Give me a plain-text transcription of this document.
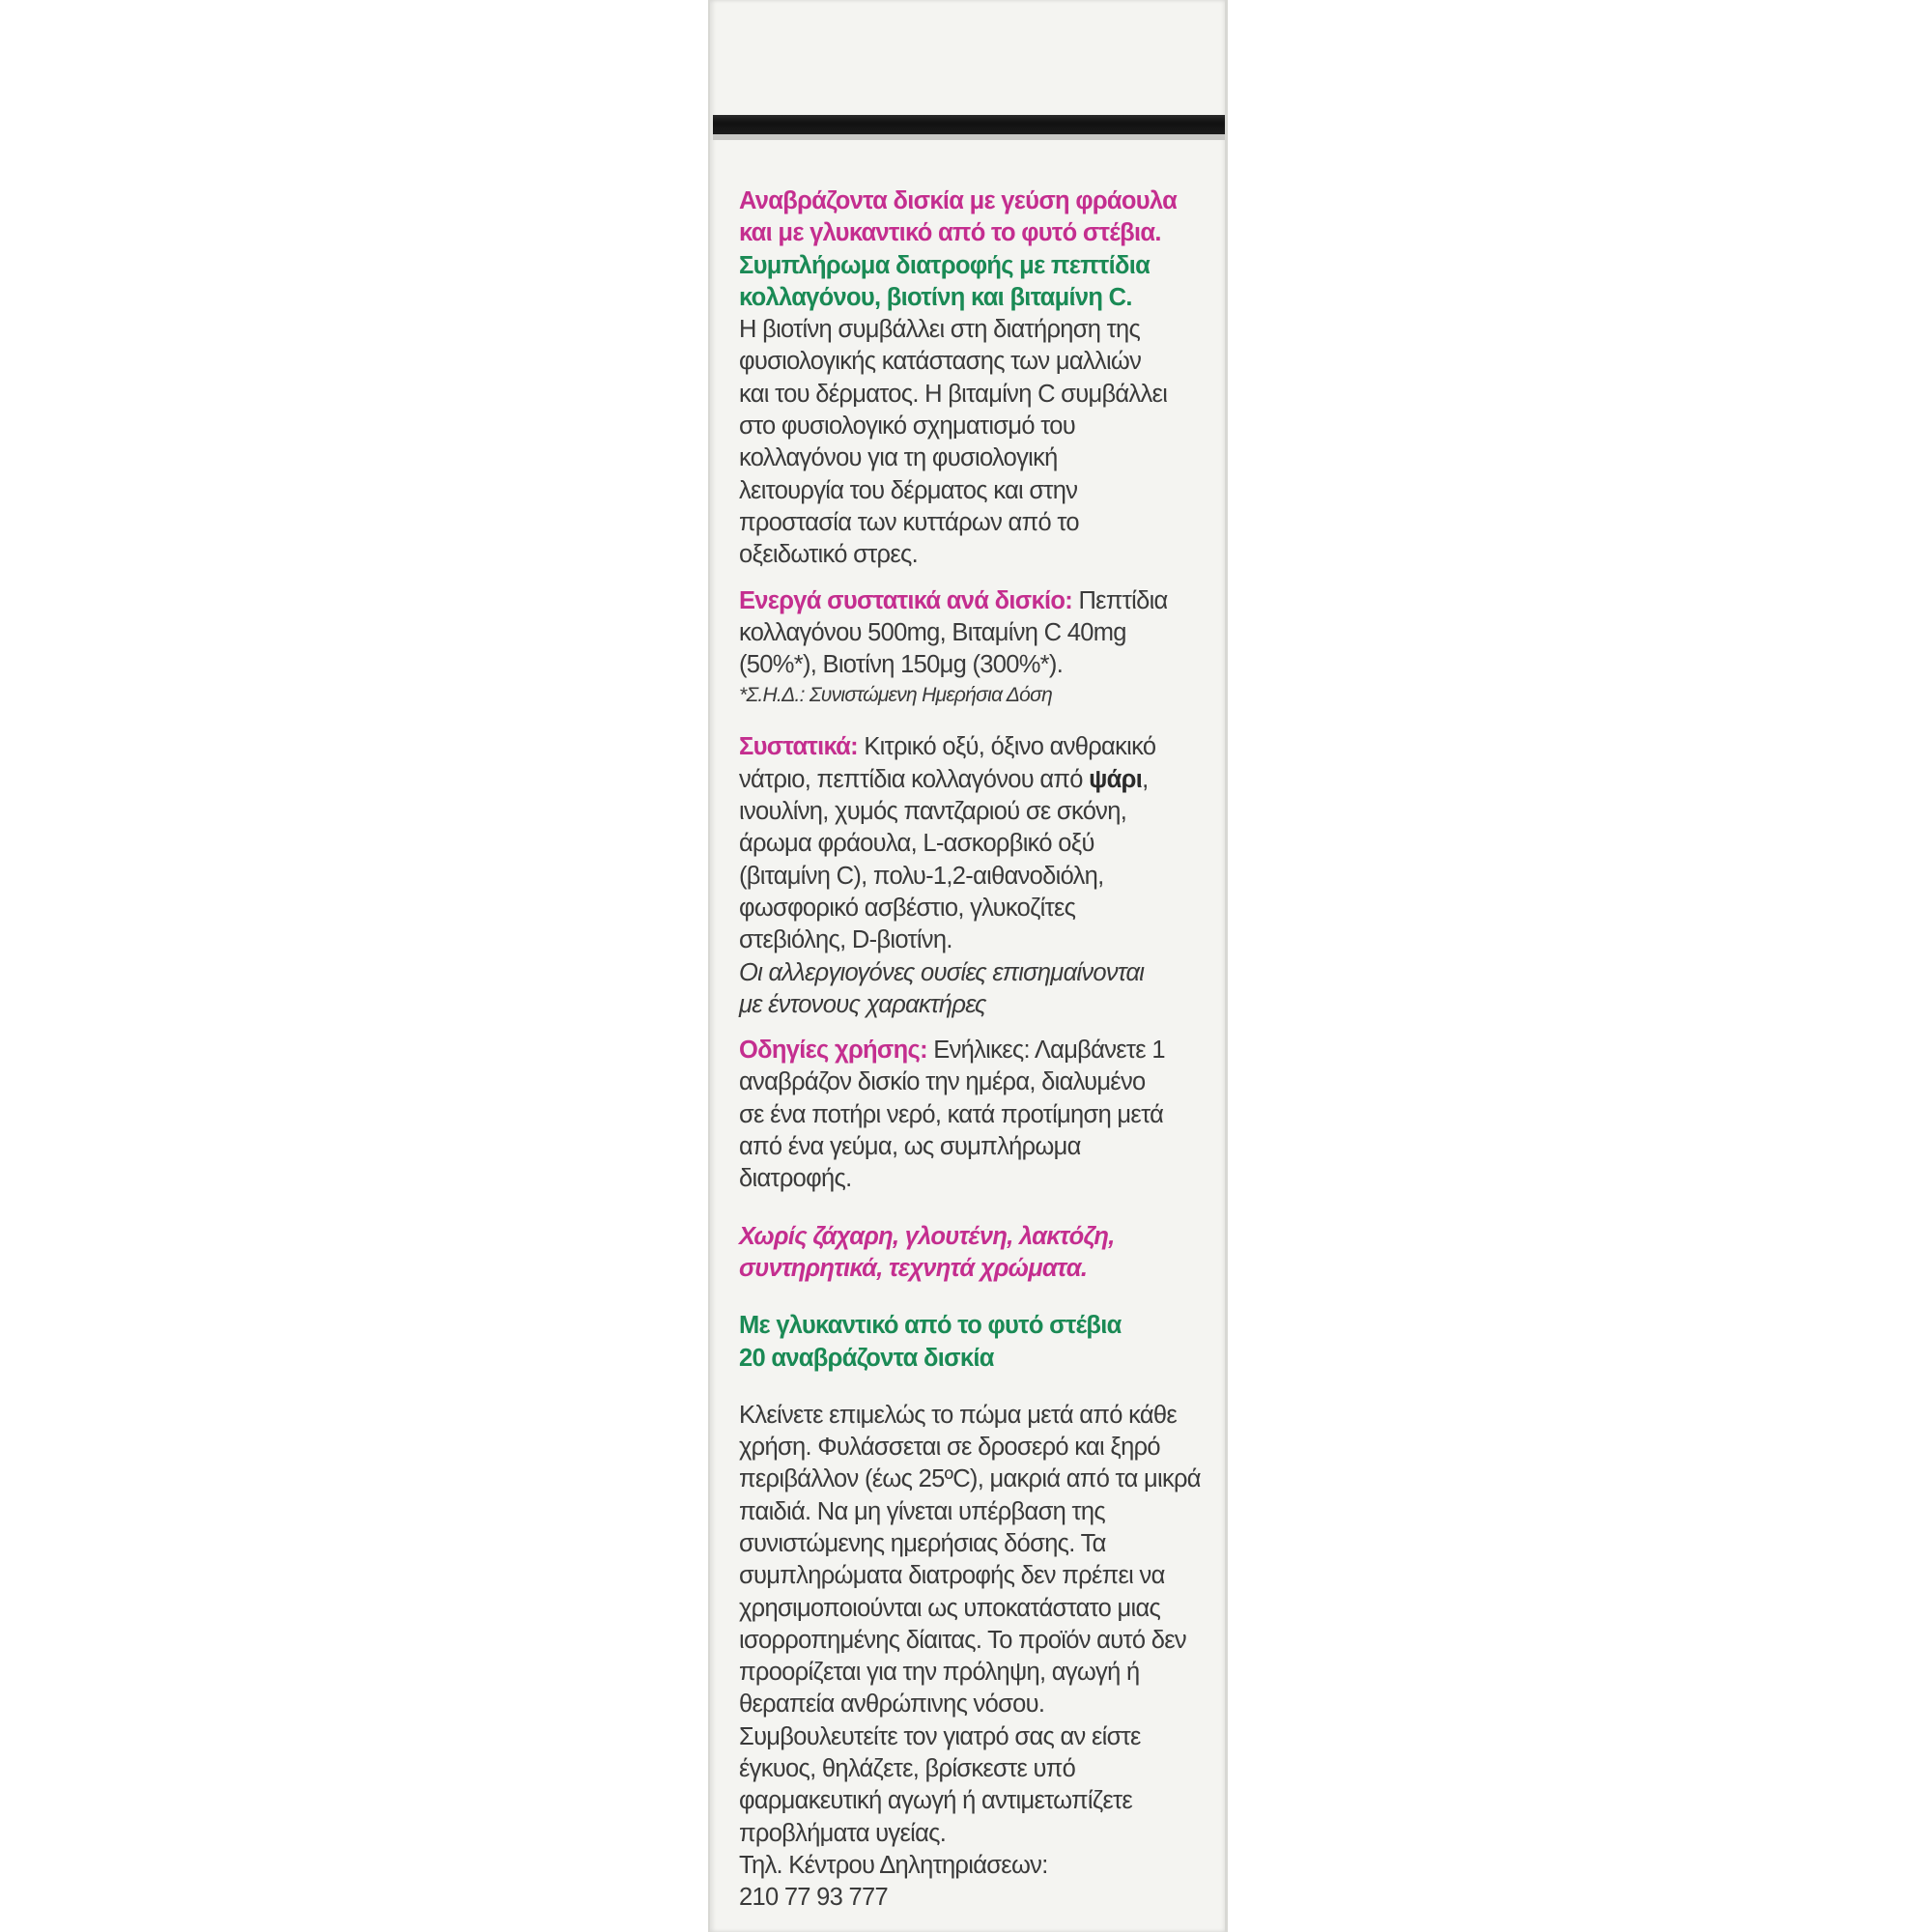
Αναβράζοντα δισκία με γεύση φράουλα
και με γλυκαντικό από το φυτό στέβια.

Συμπλήρωμα διατροφής με πεπτίδια
κολλαγόνου, βιοτίνη και βιταμίνη C.

Η βιοτίνη συμβάλλει στη διατήρηση της
φυσιολογικής κατάστασης των μαλλιών
και του δέρματος. Η βιταμίνη C συμβάλλει
στο φυσιολογικό σχηματισμό του
κολλαγόνου για τη φυσιολογική
λειτουργία του δέρματος και στην
προστασία των κυττάρων από το
οξειδωτικό στρες.

Ενεργά συστατικά ανά δισκίο: Πεπτίδια
κολλαγόνου 500mg, Βιταμίνη C 40mg
(50%*), Βιοτίνη 150μg (300%*).
*Σ.Η.Δ.: Συνιστώμενη Ημερήσια Δόση

Συστατικά: Κιτρικό οξύ, όξινο ανθρακικό
νάτριο, πεπτίδια κολλαγόνου από ψάρι,
ινουλίνη, χυμός παντζαριού σε σκόνη,
άρωμα φράουλα, L-ασκορβικό οξύ
(βιταμίνη C), πολυ-1,2-αιθανοδιόλη,
φωσφορικό ασβέστιο, γλυκοζίτες
στεβιόλης, D-βιοτίνη.
Οι αλλεργιογόνες ουσίες επισημαίνονται
με έντονους χαρακτήρες

Οδηγίες χρήσης: Ενήλικες: Λαμβάνετε 1
αναβράζον δισκίο την ημέρα, διαλυμένο
σε ένα ποτήρι νερό, κατά προτίμηση μετά
από ένα γεύμα, ως συμπλήρωμα
διατροφής.

Χωρίς ζάχαρη, γλουτένη, λακτόζη,
συντηρητικά, τεχνητά χρώματα.

Με γλυκαντικό από το φυτό στέβια
20 αναβράζοντα δισκία

Κλείνετε επιμελώς το πώμα μετά από κάθε
χρήση. Φυλάσσεται σε δροσερό και ξηρό
περιβάλλον (έως 25ºC), μακριά από τα μικρά
παιδιά. Να μη γίνεται υπέρβαση της
συνιστώμενης ημερήσιας δόσης. Τα
συμπληρώματα διατροφής δεν πρέπει να
χρησιμοποιούνται ως υποκατάστατο μιας
ισορροπημένης δίαιτας. Το προϊόν αυτό δεν
προορίζεται για την πρόληψη, αγωγή ή
θεραπεία ανθρώπινης νόσου.
Συμβουλευτείτε τον γιατρό σας αν είστε
έγκυος, θηλάζετε, βρίσκεστε υπό
φαρμακευτική αγωγή ή αντιμετωπίζετε
προβλήματα υγείας.
Τηλ. Κέντρου Δηλητηριάσεων:
210 77 93 777
